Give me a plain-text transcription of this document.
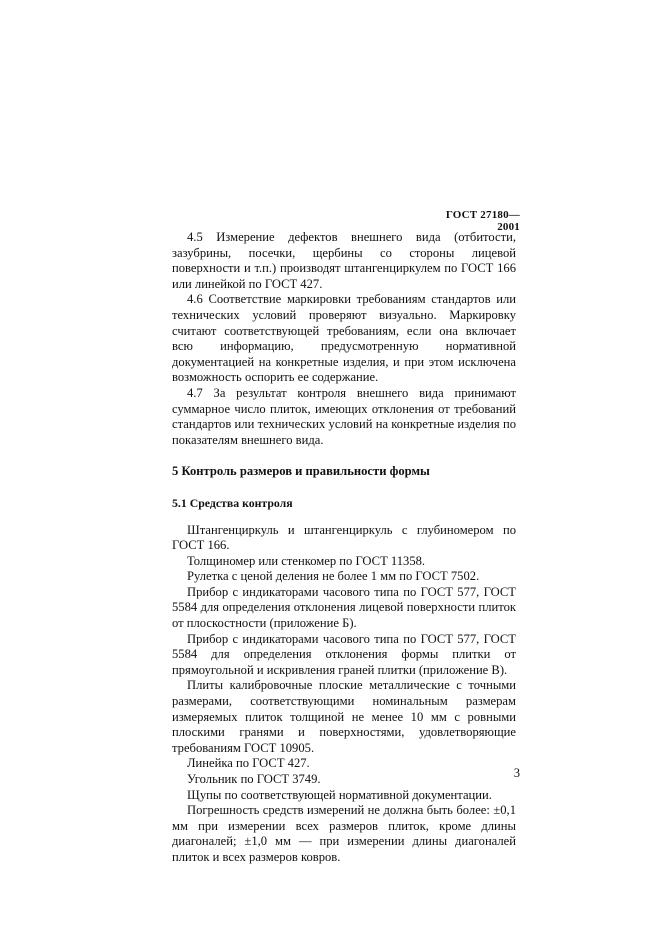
ГОСТ 27180—2001

4.5 Измерение дефектов внешнего вида (отбитости, зазубрины, посечки, щербины со стороны лицевой поверхности и т.п.) производят штангенциркулем по ГОСТ 166 или линейкой по ГОСТ 427.

4.6 Соответствие маркировки требованиям стандартов или технических условий проверяют визуально. Маркировку считают соответствующей требованиям, если она включает всю информацию, предусмотренную нормативной документацией на конкретные изделия, и при этом исключена возможность оспорить ее содержание.

4.7 За результат контроля внешнего вида принимают суммарное число плиток, имеющих отклонения от требований стандартов или технических условий на конкретные изделия по показателям внешнего вида.

5 Контроль размеров и правильности формы
5.1 Средства контроля

Штангенциркуль и штангенциркуль с глубиномером по ГОСТ 166.

Толщиномер или стенкомер по ГОСТ 11358.

Рулетка с ценой деления не более 1 мм по ГОСТ 7502.

Прибор с индикаторами часового типа по ГОСТ 577, ГОСТ 5584 для определения отклонения лицевой поверхности плиток от плоскостности (приложение Б).

Прибор с индикаторами часового типа по ГОСТ 577, ГОСТ 5584 для определения отклонения формы плитки от прямоугольной и искривления граней плитки (приложение В).

Плиты калибровочные плоские металлические с точными размерами, соответствующими номинальным размерам измеряемых плиток толщиной не менее 10 мм с ровными плоскими гранями и поверхностями, удовлетворяющие требованиям ГОСТ 10905.

Линейка по ГОСТ 427.

Угольник по ГОСТ 3749.

Щупы по соответствующей нормативной документации.

Погрешность средств измерений не должна быть более: ±0,1 мм при измерении всех размеров плиток, кроме длины диагоналей; ±1,0 мм — при измерении длины диагоналей плиток и всех размеров ковров.

3
